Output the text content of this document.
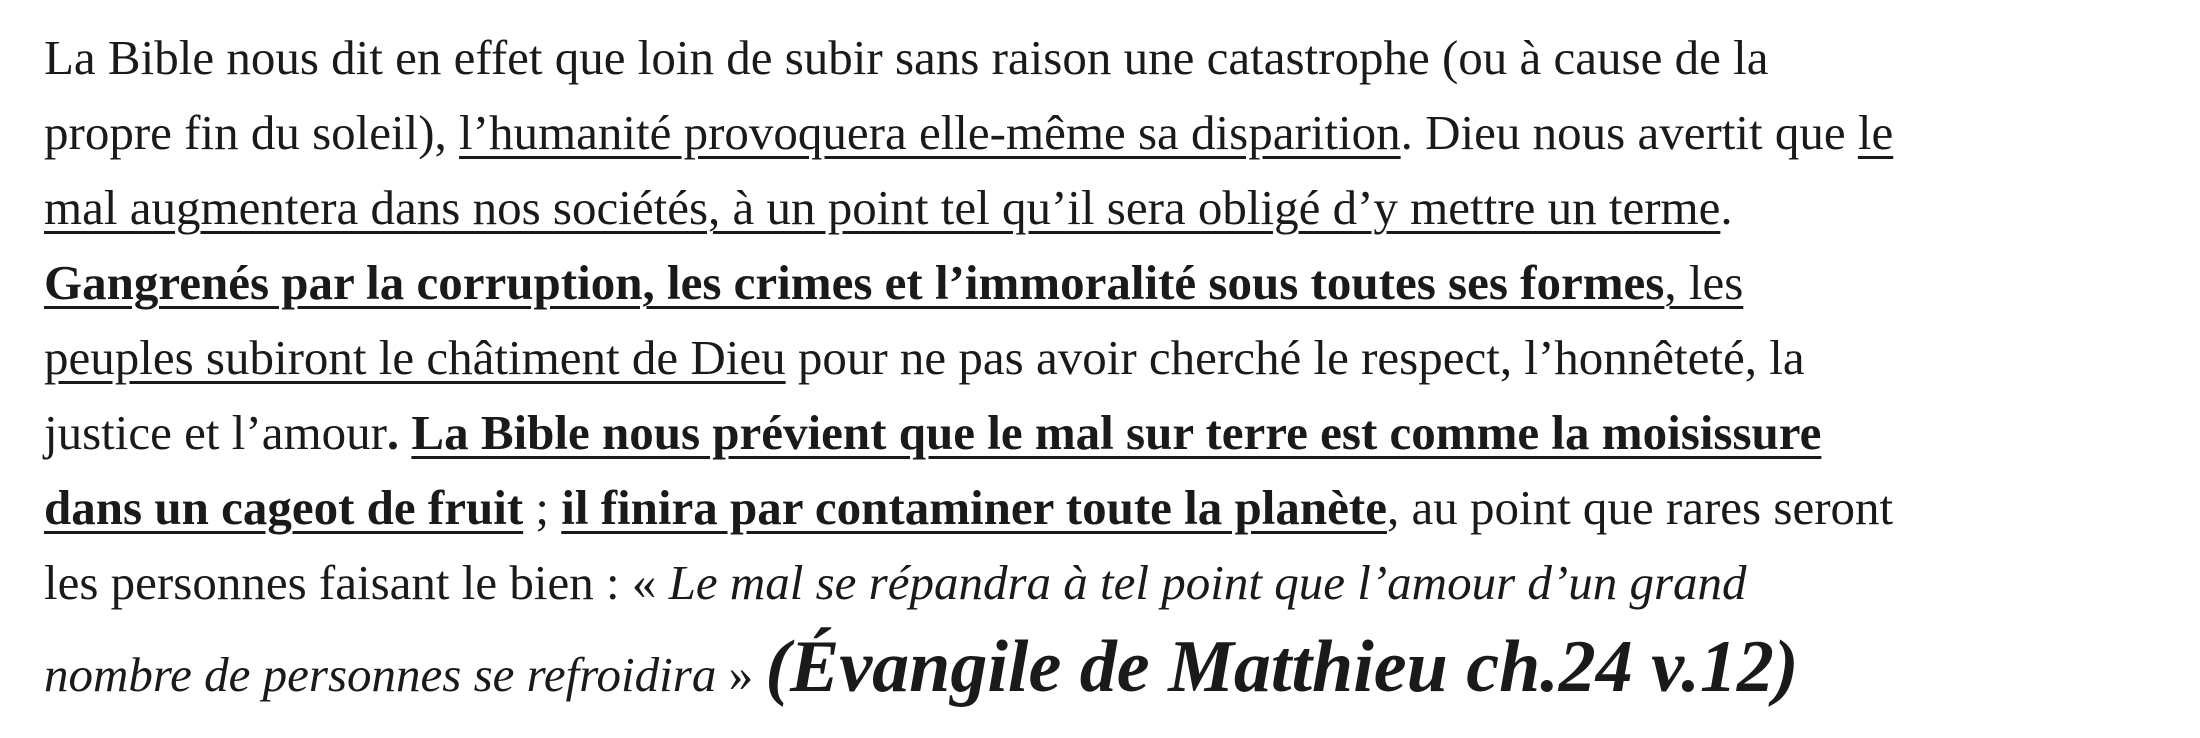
La Bible nous dit en effet que loin de subir sans raison une catastrophe (ou à cause de la
propre fin du soleil), l’humanité provoquera elle-même sa disparition. Dieu nous avertit que le
mal augmentera dans nos sociétés, à un point tel qu’il sera obligé d’y mettre un terme.
Gangrenés par la corruption, les crimes et l’immoralité sous toutes ses formes, les
peuples subiront le châtiment de Dieu pour ne pas avoir cherché le respect, l’honnêteté, la
justice et l’amour. La Bible nous prévient que le mal sur terre est comme la moisissure
dans un cageot de fruit ; il finira par contaminer toute la planète, au point que rares seront
les personnes faisant le bien : « Le mal se répandra à tel point que l’amour d’un grand
nombre de personnes se refroidira » (Évangile de Matthieu ch.24 v.12)
